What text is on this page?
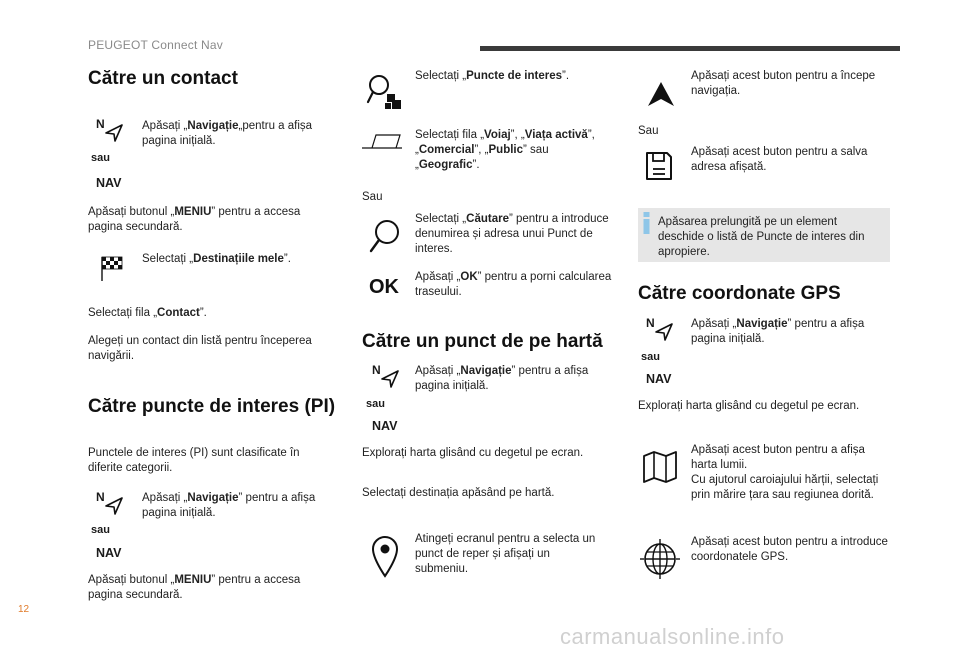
PEUGEOT Connect Nav
Către un contact
N
sau
NAV
Apăsați „Navigație„pentru a afișa pagina inițială.
Apăsați butonul „MENIU” pentru a accesa pagina secundară.
Selectați „Destinațiile mele”.
Selectați fila „Contact”.
Alegeți un contact din listă pentru începerea navigării.
Către puncte de interes (PI)
Punctele de interes (PI) sunt clasificate în diferite categorii.
N
sau
NAV
Apăsați „Navigație” pentru a afișa pagina inițială.
Apăsați butonul „MENIU” pentru a accesa pagina secundară.
Selectați „Puncte de interes”.
Selectați fila „Voiaj”, „Viața activă”, „Comercial”, „Public” sau „Geografic”.
Sau
Selectați „Căutare” pentru a introduce denumirea și adresa unui Punct de interes.
OK Apăsați „OK” pentru a porni calcularea traseului.
Către un punct de pe hartă
N
sau
NAV
Apăsați „Navigație” pentru a afișa pagina inițială.
Explorați harta glisând cu degetul pe ecran.
Selectați destinația apăsând pe hartă.
Atingeți ecranul pentru a selecta un punct de reper și afișați un submeniu.
Apăsați acest buton pentru a începe navigația.
Sau
Apăsați acest buton pentru a salva adresa afișată.
Apăsarea prelungită pe un element deschide o listă de Puncte de interes din apropiere.
Către coordonate GPS
N
sau
NAV
Apăsați „Navigație” pentru a afișa pagina inițială.
Explorați harta glisând cu degetul pe ecran.
Apăsați acest buton pentru a afișa harta lumii.
Cu ajutorul caroiajului hărții, selectați prin mărire țara sau regiunea dorită.
Apăsați acest buton pentru a introduce coordonatele GPS.
12
carmanualsonline.info
